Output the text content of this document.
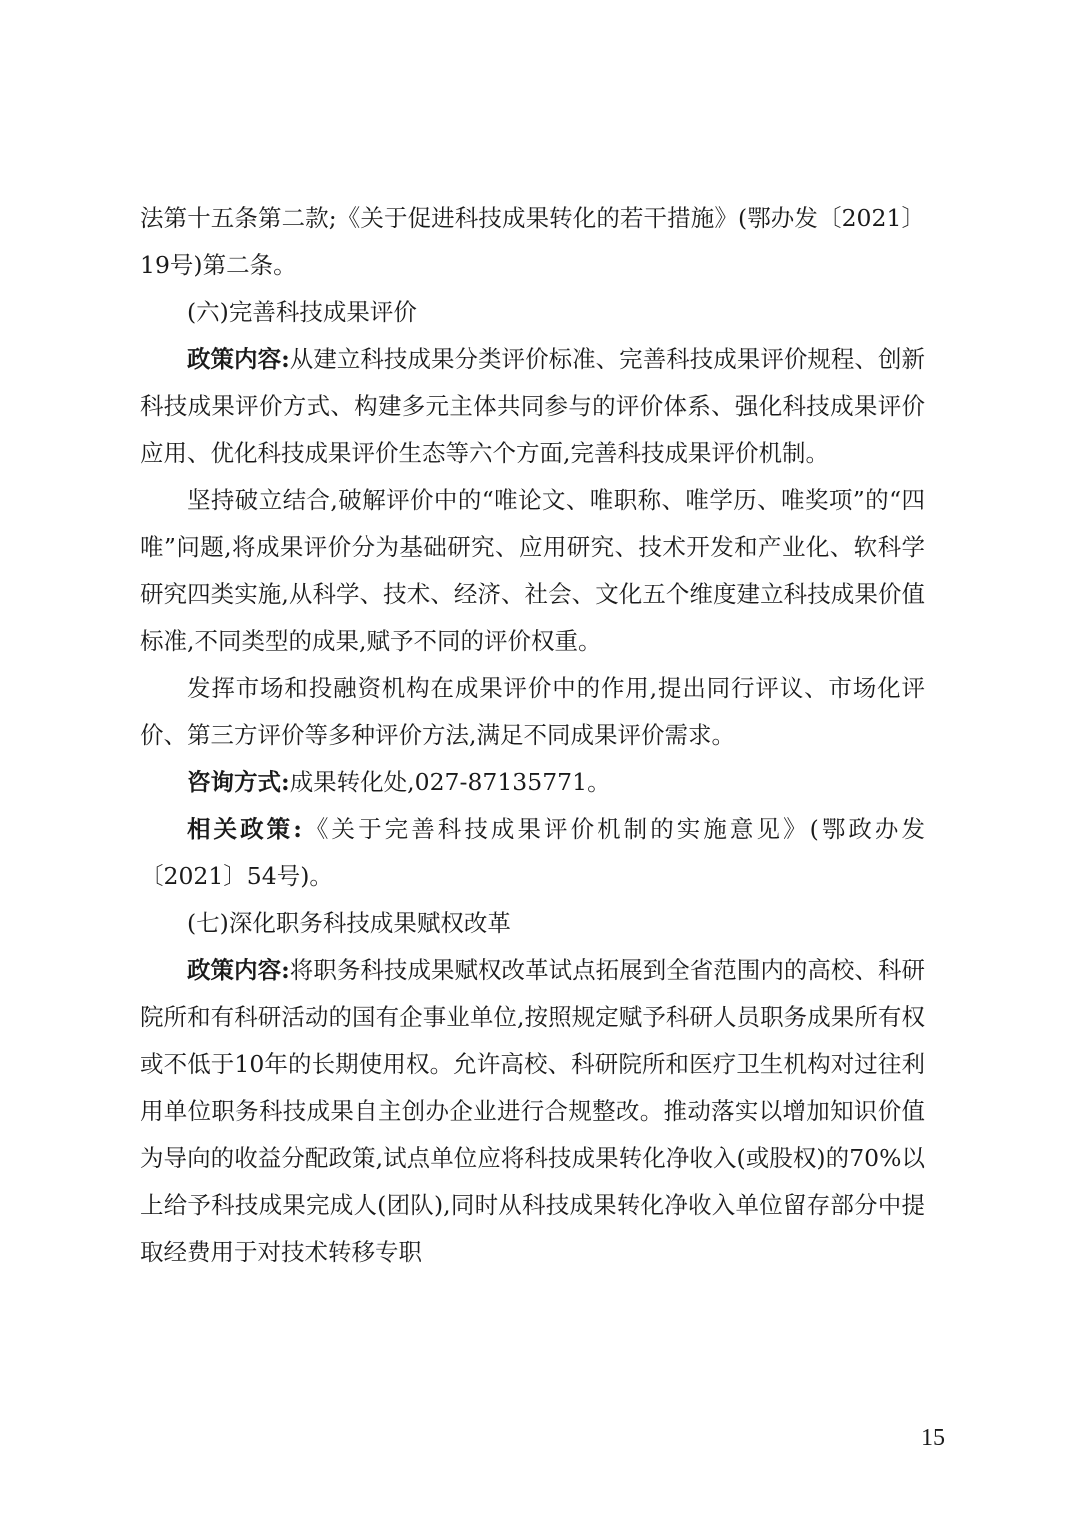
法第十五条第二款;《关于促进科技成果转化的若干措施》(鄂办发〔2021〕19号)第二条。

(六)完善科技成果评价

政策内容:从建立科技成果分类评价标准、完善科技成果评价规程、创新科技成果评价方式、构建多元主体共同参与的评价体系、强化科技成果评价应用、优化科技成果评价生态等六个方面,完善科技成果评价机制。

坚持破立结合,破解评价中的“唯论文、唯职称、唯学历、唯奖项”的“四唯”问题,将成果评价分为基础研究、应用研究、技术开发和产业化、软科学研究四类实施,从科学、技术、经济、社会、文化五个维度建立科技成果价值标准,不同类型的成果,赋予不同的评价权重。

发挥市场和投融资机构在成果评价中的作用,提出同行评议、市场化评价、第三方评价等多种评价方法,满足不同成果评价需求。

咨询方式:成果转化处,027-87135771。

相关政策:《关于完善科技成果评价机制的实施意见》(鄂政办发〔2021〕54号)。

(七)深化职务科技成果赋权改革

政策内容:将职务科技成果赋权改革试点拓展到全省范围内的高校、科研院所和有科研活动的国有企事业单位,按照规定赋予科研人员职务成果所有权或不低于10年的长期使用权。允许高校、科研院所和医疗卫生机构对过往利用单位职务科技成果自主创办企业进行合规整改。推动落实以增加知识价值为导向的收益分配政策,试点单位应将科技成果转化净收入(或股权)的70%以上给予科技成果完成人(团队),同时从科技成果转化净收入单位留存部分中提取经费用于对技术转移专职

15
